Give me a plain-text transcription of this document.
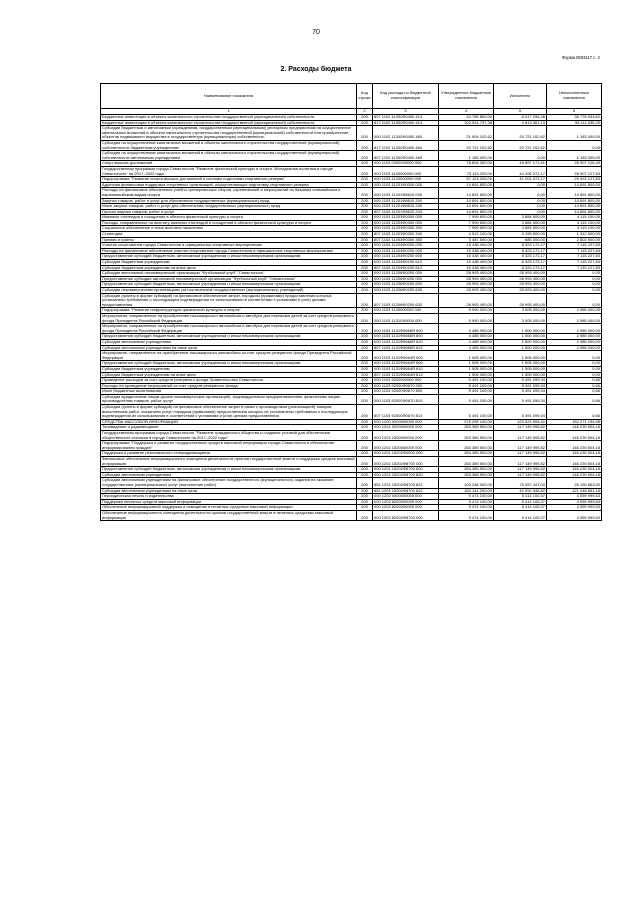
70
Форма 0503117 с. 2
2. Расходы бюджета
Наименование показателя	Код строки	Код расхода по бюджетной классификации	Утвержденные бюджетные назначения	Исполнено	Неисполненные назначения
1	2	3	4	5	6
Бюджетные инвестиции в объекты капитального строительства государственной (муниципальной) собственности	200	807 1102 11302Ф0400 414	44 795 800,00	8 017 256,38	36 778 543,62
Бюджетные инвестиции в объекты капитального строительства государственной (муниципальной) собственности	200	817 1102 11302Ф0400 414	102 924 797,38	4 813 361,13	98 111 436,25
Субсидии бюджетным и автономным учреждениям, государственным (муниципальным) унитарным предприятиям на осуществление капитальных вложений в объекты капитального строительства государственной (муниципальной) собственности или приобретение объектов недвижимого имущества в государственную (муниципальную) собственность	200	000 1102 11302Ф0400 460	21 904 102,62	20 721 102,62	1 183 000,00
Субсидии на осуществление капитальных вложений в объекты капитального строительства государственной (муниципальной) собственности бюджетным учреждениям	200	817 1102 11302Ф0400 464	20 721 102,62	20 721 102,62	0,00
Субсидии на осуществление капитальных вложений в объекты капитального строительства государственной (муниципальной) собственности автономным учреждениям	200	807 1102 11302Ф0400 465	1 183 000,00	0,00	1 183 000,00
Спорт высших достижений	200	000 1103 0000000000 000	78 604 300,00	49 697 171,51	28 907 128,49
Государственная программа города Севастополя "Развитие физической культуры и спорта. Молодежная политика в городе Севастополе" на 2017–2022 годы	200	000 1103 1100000000 000	73 113 200,00	44 206 072,17	28 907 127,83
Подпрограмма "Развитие спорта высших достижений и системы подготовки спортивного резерва"	200	000 1103 1120000000 000	67 123 200,00	41 201 072,17	25 922 127,83
Адресная финансовая поддержка спортивных организаций, осуществляющих подготовку спортивного резерва	200	000 1103 11201Ф0000 000	14 691 800,00	0,00	14 691 800,00
Расходы на финансовое обеспечение учебно-тренировочных сборов, соревнований и мероприятий по базовым олимпийским и паралимпийским видам спорта	200	000 1103 11201Ф8610 000	14 691 800,00	0,00	14 691 800,00
Закупка товаров, работ и услуг для обеспечения государственных (муниципальных) нужд	200	000 1103 11201Ф8610 200	14 691 800,00	0,00	14 691 800,00
Иные закупки товаров, работ и услуг для обеспечения государственных (муниципальных) нужд	200	000 1103 11201Ф8610 240	14 691 800,00	0,00	14 691 800,00
Прочая закупка товаров, работ и услуг	200	807 1103 11201Ф8610 244	14 691 800,00	0,00	14 691 800,00
Именные стипендии и поощрения в области физической культуры и спорта	200	000 1103 11203Ф0000 000	7 999 600,00	3 884 500,00	4 115 100,00
Расходы, направленные на выплату именных стипендий и поощрений в области физической культуры и спорта	200	000 1103 11203Ф0300 000	7 999 600,00	3 884 500,00	4 115 100,00
Социальное обеспечение и иные выплаты населению	200	000 1103 11203Ф0300 300	7 999 600,00	3 884 500,00	4 115 100,00
Стипендии	200	807 1103 11203Ф0300 340	4 512 100,00	3 199 500,00	1 312 600,00
Премии и гранты	200	807 1103 11203Ф0300 350	3 487 500,00	685 000,00	2 802 500,00
Участие спортсменов города Севастополя в официальных спортивных мероприятиях	200	000 1103 11204Ф0000 000	15 438 400,00	8 323 172,17	7 115 227,83
Расходы на финансовое обеспечение участия спортсменов города Севастополя в официальных спортивных мероприятиях	200	000 1103 11204Ф0200 000	15 438 400,00	8 323 172,17	7 115 227,83
Предоставление субсидий бюджетным, автономным учреждениям и иным некоммерческим организациям	200	000 1103 11204Ф0200 600	15 438 400,00	8 323 172,17	7 115 227,83
Субсидии бюджетным учреждениям	200	000 1103 11204Ф0200 610	15 438 400,00	8 323 172,17	7 115 227,83
Субсидии бюджетным учреждениям на иные цели	200	807 1103 11204Ф0200 612	15 438 400,00	8 323 172,17	7 115 227,83
Субсидия автономной некоммерческой организации "Футбольный клуб" "Севастополь"	200	000 1103 11206Ф0000 000	28 993 400,00	28 993 400,00	0,00
Предоставление субсидии автономной некоммерческой организации "Футбольный клуб" "Севастополь"	200	000 1103 11206Ф0200 000	28 993 400,00	28 993 400,00	0,00
Предоставление субсидий бюджетным, автономным учреждениям и иным некоммерческим организациям	200	000 1103 11206Ф0200 600	28 993 400,00	28 993 400,00	0,00
Субсидии некоммерческим организациям (за исключением государственных (муниципальных) учреждений)	200	000 1103 11206Ф0200 630	28 993 400,00	28 993 400,00	0,00
Субсидии (гранты в форме субсидий) на финансовое обеспечение затрат, порядком (правилами) предоставления которых установлено требование о последующем подтверждении их использования в соответствии с условиями и (или) целями предоставления	200	807 1103 11206Ф0200 632	28 993 400,00	28 993 400,00	0,00
Подпрограмма "Развитие инфраструктуры физической культуры и спорта"	200	000 1103 1130000000 000	5 990 000,00	3 005 000,00	2 985 000,00
Мероприятия, направленные на приобретение пассажирского автомобиля и автобуса для перевозки детей за счет средств резервного фонда Президента Российской Федерации	200	000 1103 11311Ф0000 000	5 990 000,00	3 005 000,00	2 985 000,00
Мероприятия, направленные на приобретение пассажирского автомобиля и автобуса для перевозки детей за счет средств резервного фонда Президента Российской Федерации	200	000 1103 1131Ф5666Я 000	4 485 000,00	1 500 000,00	2 985 000,00
Предоставление субсидий бюджетным, автономным учреждениям и иным некоммерческим организациям	200	000 1103 1131Ф5666Я 600	4 485 000,00	1 500 000,00	2 985 000,00
Субсидии автономным учреждениям	200	000 1103 1131Ф5666Я 620	4 485 000,00	1 500 000,00	2 985 000,00
Субсидии автономным учреждениям на иные цели	200	807 1103 1131Ф5666Я 622	4 485 000,00	1 500 000,00	2 985 000,00
Мероприятие, направленное на приобретение пассажирского автомобиля за счет средств резервного фонда Президента Российской Федерации	200	000 1103 1131Ф5664Я 000	1 505 000,00	1 505 000,00	0,00
Предоставление субсидий бюджетным, автономным учреждениям и иным некоммерческим организациям	200	000 1103 1131Ф5664Я 600	1 505 000,00	1 505 000,00	0,00
Субсидии бюджетным учреждениям	200	000 1103 1131Ф5664Я 610	1 505 000,00	1 505 000,00	0,00
Субсидии бюджетным учреждениям на иные цели	200	807 1103 1131Ф5664Я 612	1 505 000,00	1 505 000,00	0,00
Проведение расходов за счет средств резервного фонда Правительства Севастополя	200	000 1103 9200000000 000	5 491 100,00	5 491 099,34	0,66
Расходы на проведение мероприятий за счет средств резервного фонда	200	000 1103 92000Ф0670 000	5 491 100,00	5 491 099,34	0,66
Иные бюджетные ассигнования	200	000 1103 92000Ф0670 800	5 491 100,00	5 491 099,34	0,66
Субсидии юридическим лицам (кроме некоммерческих организаций), индивидуальным предпринимателям, физическим лицам - производителям товаров, работ, услуг	200	000 1103 92000Ф0670 810	5 491 100,00	5 491 099,34	0,66
Субсидии (гранты в форме субсидий) на финансовое обеспечение затрат в связи с производством (реализацией) товаров, выполнением работ, оказанием услуг, порядком (правилами) предоставления которых не установлены требования о последующем подтверждении их использования в соответствии с условиями и (или) целями предоставления	200	807 1103 92000Ф0670 813	5 491 100,00	5 491 099,34	0,66
СРЕДСТВА МАССОВОЙ ИНФОРМАЦИИ	200	000 1200 0000000000 000	275 295 100,00	123 023 905,42	152 271 194,58
Телевидение и радиовещание	200	000 1201 0000000000 000	263 389 500,00	117 149 995,82	146 239 504,18
Государственная программа города Севастополя "Развитие гражданского общества и создание условий для обеспечения общественного согласия в городе Севастополе на 2017–2022 годы"	200	000 1201 1500000000 000	263 389 500,00	117 149 995,82	146 239 504,18
Подпрограмма "Поддержка и развитие государственных средств массовой информации города Севастополя и обеспечение информирования граждан"	200	000 1201 1520000000 000	263 389 500,00	117 149 995,82	146 239 504,18
Поддержка и развитие регионального телерадиовещания	200	000 1201 15202Ф0000 000	263 389 500,00	117 149 995,82	146 239 504,18
Финансовое обеспечение информационного освещения деятельности органов государственной власти и поддержка средств массовой информации	200	000 1201 15202Ф8700 000	263 389 500,00	117 149 995,82	146 239 504,18
Предоставление субсидий бюджетным, автономным учреждениям и иным некоммерческим организациям	200	000 1201 15202Ф8700 600	263 389 500,00	117 149 995,82	146 239 504,18
Субсидии автономным учреждениям	200	000 1201 15202Ф8700 620	263 389 500,00	117 149 995,82	146 239 504,18
Субсидии автономным учреждениям на финансовое обеспечение государственного (муниципального) задания на оказание государственных (муниципальных) услуг (выполнение работ)	200	851 1201 15202Ф8700 621	100 248 300,00	75 057 447,00	25 190 853,00
Субсидии автономным учреждениям на иные цели	200	851 1201 15202Ф8700 622	163 141 200,00	42 092 548,82	121 048 651,18
Периодическая печать и издательства	200	000 1202 0000000000 000	9 474 100,00	5 414 100,37	4 059 999,63
Поддержка печатных средств массовой информации	200	000 1202 8200000000 000	9 474 100,00	5 414 100,37	4 059 999,63
Обеспечение информационной поддержки и освещение в печатных средствах массовой информации	200	000 1202 8200200000 000	9 474 100,00	5 414 100,37	4 059 999,63
Обеспечение информационного освещения деятельности органов государственной власти в печатных средствах массовой информации	200	000 1202 82002Ф8700 000	9 474 100,00	5 414 100,37	4 059 999,63
